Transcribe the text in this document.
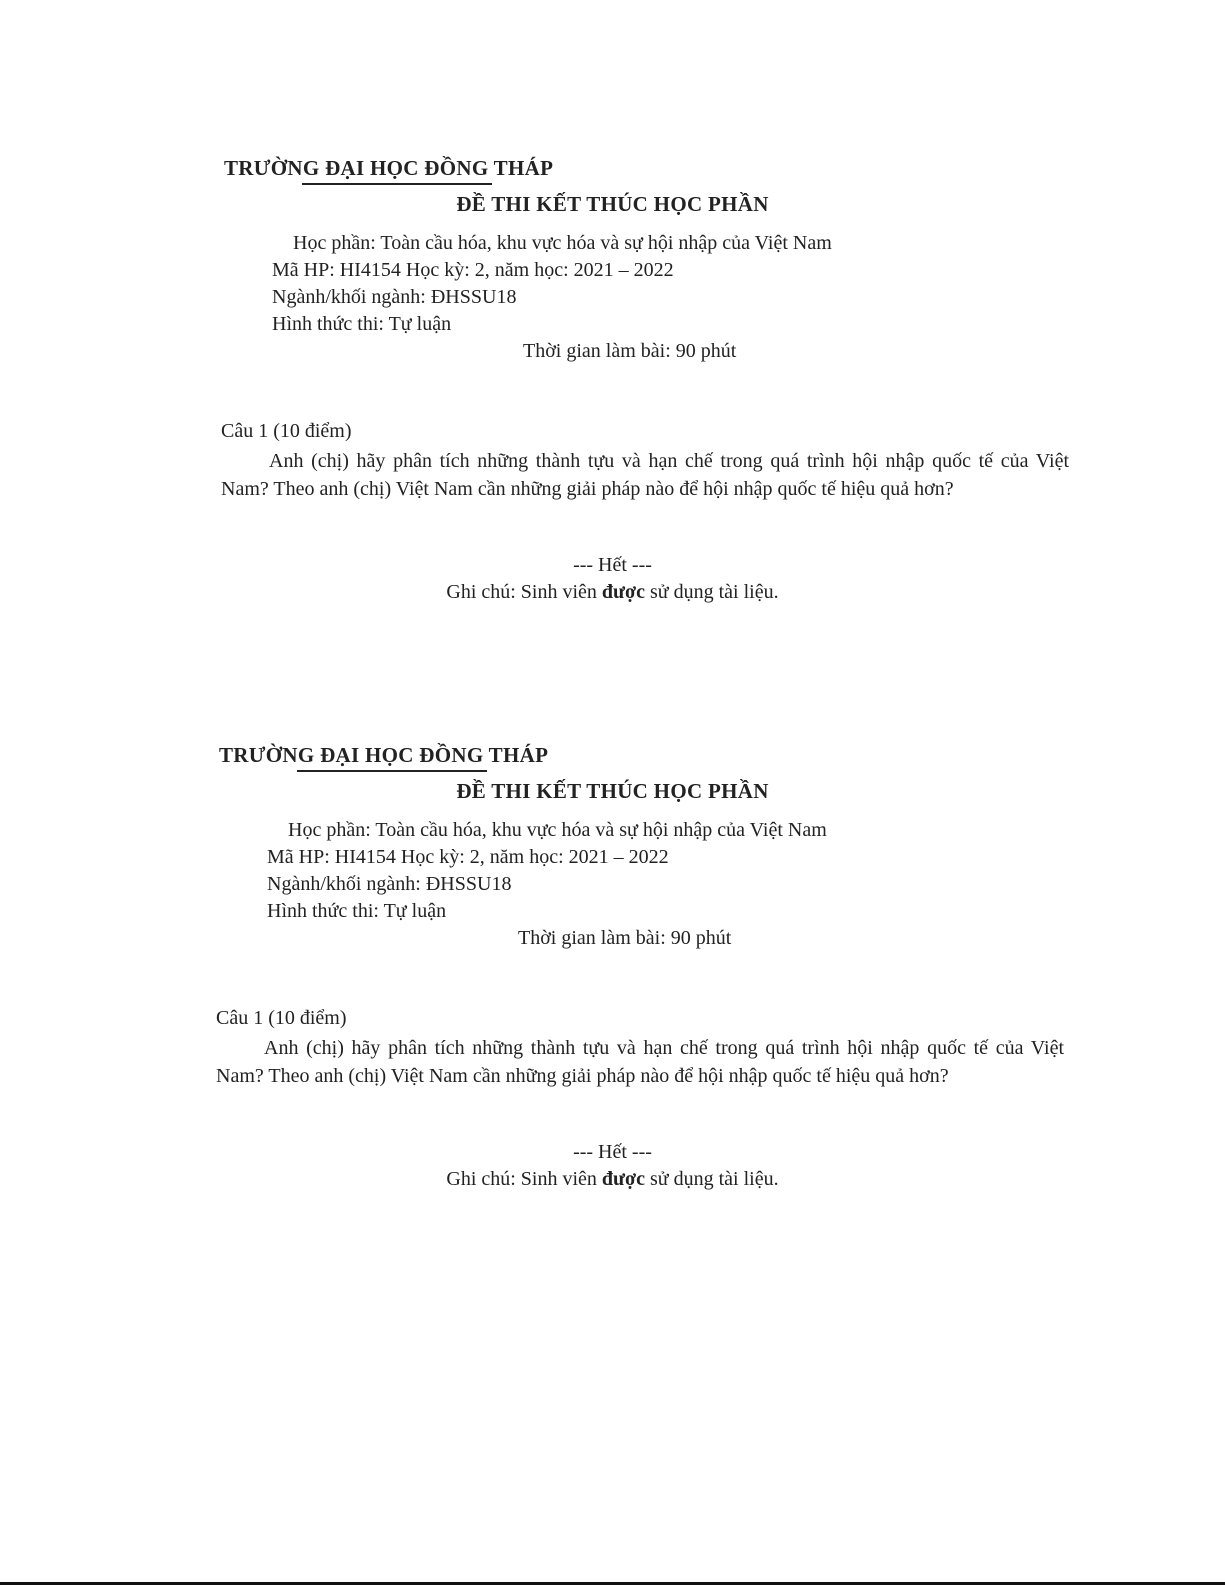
TRƯỜNG ĐẠI HỌC ĐỒNG THÁP
ĐỀ THI KẾT THÚC HỌC PHẦN
Học phần: Toàn cầu hóa, khu vực hóa và sự hội nhập của Việt Nam
Mã HP: HI4154 Học kỳ: 2, năm học: 2021 – 2022
Ngành/khối ngành: ĐHSSU18
Hình thức thi: Tự luận
Thời gian làm bài: 90 phút
Câu 1 (10 điểm)

Anh (chị) hãy phân tích những thành tựu và hạn chế trong quá trình hội nhập quốc tế của Việt Nam? Theo anh (chị) Việt Nam cần những giải pháp nào để hội nhập quốc tế hiệu quả hơn?

--- Hết ---
Ghi chú: Sinh viên được sử dụng tài liệu.
TRƯỜNG ĐẠI HỌC ĐỒNG THÁP
ĐỀ THI KẾT THÚC HỌC PHẦN
Học phần: Toàn cầu hóa, khu vực hóa và sự hội nhập của Việt Nam
Mã HP: HI4154 Học kỳ: 2, năm học: 2021 – 2022
Ngành/khối ngành: ĐHSSU18
Hình thức thi: Tự luận
Thời gian làm bài: 90 phút
Câu 1 (10 điểm)

Anh (chị) hãy phân tích những thành tựu và hạn chế trong quá trình hội nhập quốc tế của Việt Nam? Theo anh (chị) Việt Nam cần những giải pháp nào để hội nhập quốc tế hiệu quả hơn?

--- Hết ---
Ghi chú: Sinh viên được sử dụng tài liệu.
